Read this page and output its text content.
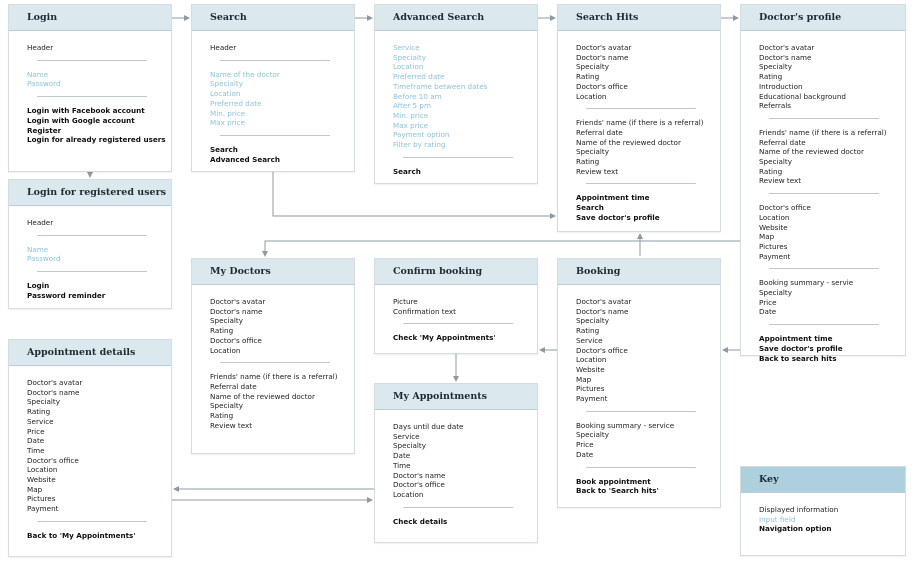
Login
Header
Name
Password
Login with Facebook account
Login with Google account
Register
Login for already registered users
Login for registered users
Header
Name
Password
Login
Password reminder
Appointment details
Doctor's avatar
Doctor's name
Specialty
Rating
Service
Price
Date
Time
Doctor's office
Location
Website
Map
Pictures
Payment
Back to 'My Appointments'
Search
Header
Name of the doctor
Specialty
Location
Preferred date
Min. price
Max price
Search
Advanced Search
Advanced Search
Service
Specialty
Location
Preferred date
Timeframe between dates
Before 10 am
After 5 pm
Min. price
Max price
Payment option
Filter by rating
Search
Search Hits
Doctor's avatar
Doctor's name
Specialty
Rating
Doctor's office
Location
Friends' name (if there is a referral)
Referral date
Name of the reviewed doctor
Specialty
Rating
Review text
Appointment time
Search
Save doctor's profile
Doctor's profile
Doctor's avatar
Doctor's name
Specialty
Rating
Introduction
Educational background
Referrals
Friends' name (if there is a referral)
Referral date
Name of the reviewed doctor
Specialty
Rating
Review text
Doctor's office
Location
Website
Map
Pictures
Payment
Booking summary - servie
Specialty
Price
Date
Appointment time
Save doctor's profile
Back to search hits
My Doctors
Doctor's avatar
Doctor's name
Specialty
Rating
Doctor's office
Location
Friends' name (if there is a referral)
Referral date
Name of the reviewed doctor
Specialty
Rating
Review text
Confirm booking
Picture
Confirmation text
Check 'My Appointments'
My Appointments
Days until due date
Service
Specialty
Date
Time
Doctor's name
Doctor's office
Location
Check details
Booking
Doctor's avatar
Doctor's name
Specialty
Rating
Service
Doctor's office
Location
Website
Map
Pictures
Payment
Booking summary - service
Specialty
Price
Date
Book appointment
Back to 'Search hits'
Key
Displayed information
Input field
Navigation option
